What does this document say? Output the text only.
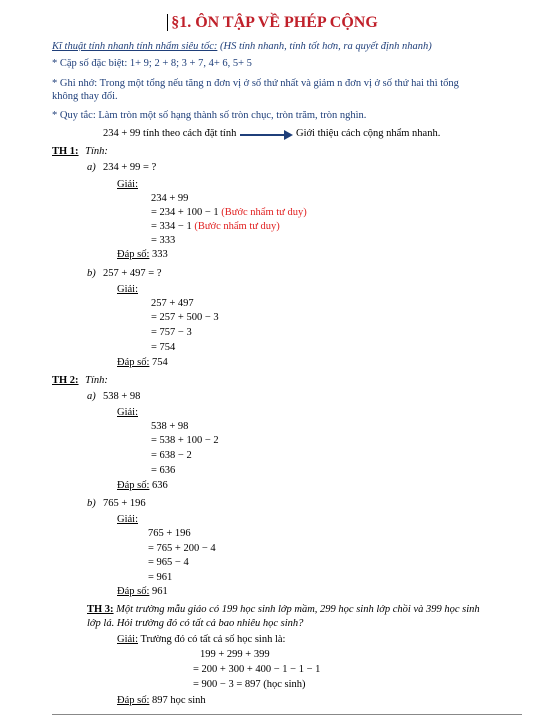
§1. ÔN TẬP VỀ PHÉP CỘNG
Kĩ thuật tính nhanh tính nhẩm siêu tốc: (HS tính nhanh, tính tốt hơn, ra quyết định nhanh)
* Cặp số đặc biệt: 1+ 9; 2 + 8; 3 + 7, 4+ 6, 5+ 5
* Ghi nhớ: Trong một tổng nếu tăng n đơn vị ở số thứ nhất và giảm n đơn vị ở số thứ hai thì tổng
không thay đổi.
* Quy tắc: Làm tròn một số hạng thành số tròn chục, tròn trăm, tròn nghìn.
234 + 99 tính theo cách đặt tính	Giới thiệu cách cộng nhẩm nhanh.
TH 1: Tính:
a) 234 + 99 = ?
Giải:
234 + 99
= 234 + 100 − 1 (Bước nhẩm tư duy)
= 334 − 1 (Bước nhẩm tư duy)
= 333
Đáp số: 333
b) 257 + 497 = ?
Giải:
257 + 497
= 257 + 500 − 3
= 757 − 3
= 754
Đáp số: 754
TH 2: Tính:
a) 538 + 98
Giải:
538 + 98
= 538 + 100 − 2
= 638 − 2
= 636
Đáp số: 636
b) 765 + 196
Giải:
765 + 196
= 765 + 200 − 4
= 965 − 4
= 961
Đáp số: 961
TH 3: Một trường mẫu giáo có 199 học sinh lớp mầm, 299 học sinh lớp chồi và 399 học sinh
lớp lá. Hỏi trường đó có tất cả bao nhiêu học sinh?
Giải: Trường đó có tất cả số học sinh là:
199 + 299 + 399
= 200 + 300 + 400 − 1 − 1 − 1
= 900 − 3 = 897 (học sinh)
Đáp số: 897 học sinh
